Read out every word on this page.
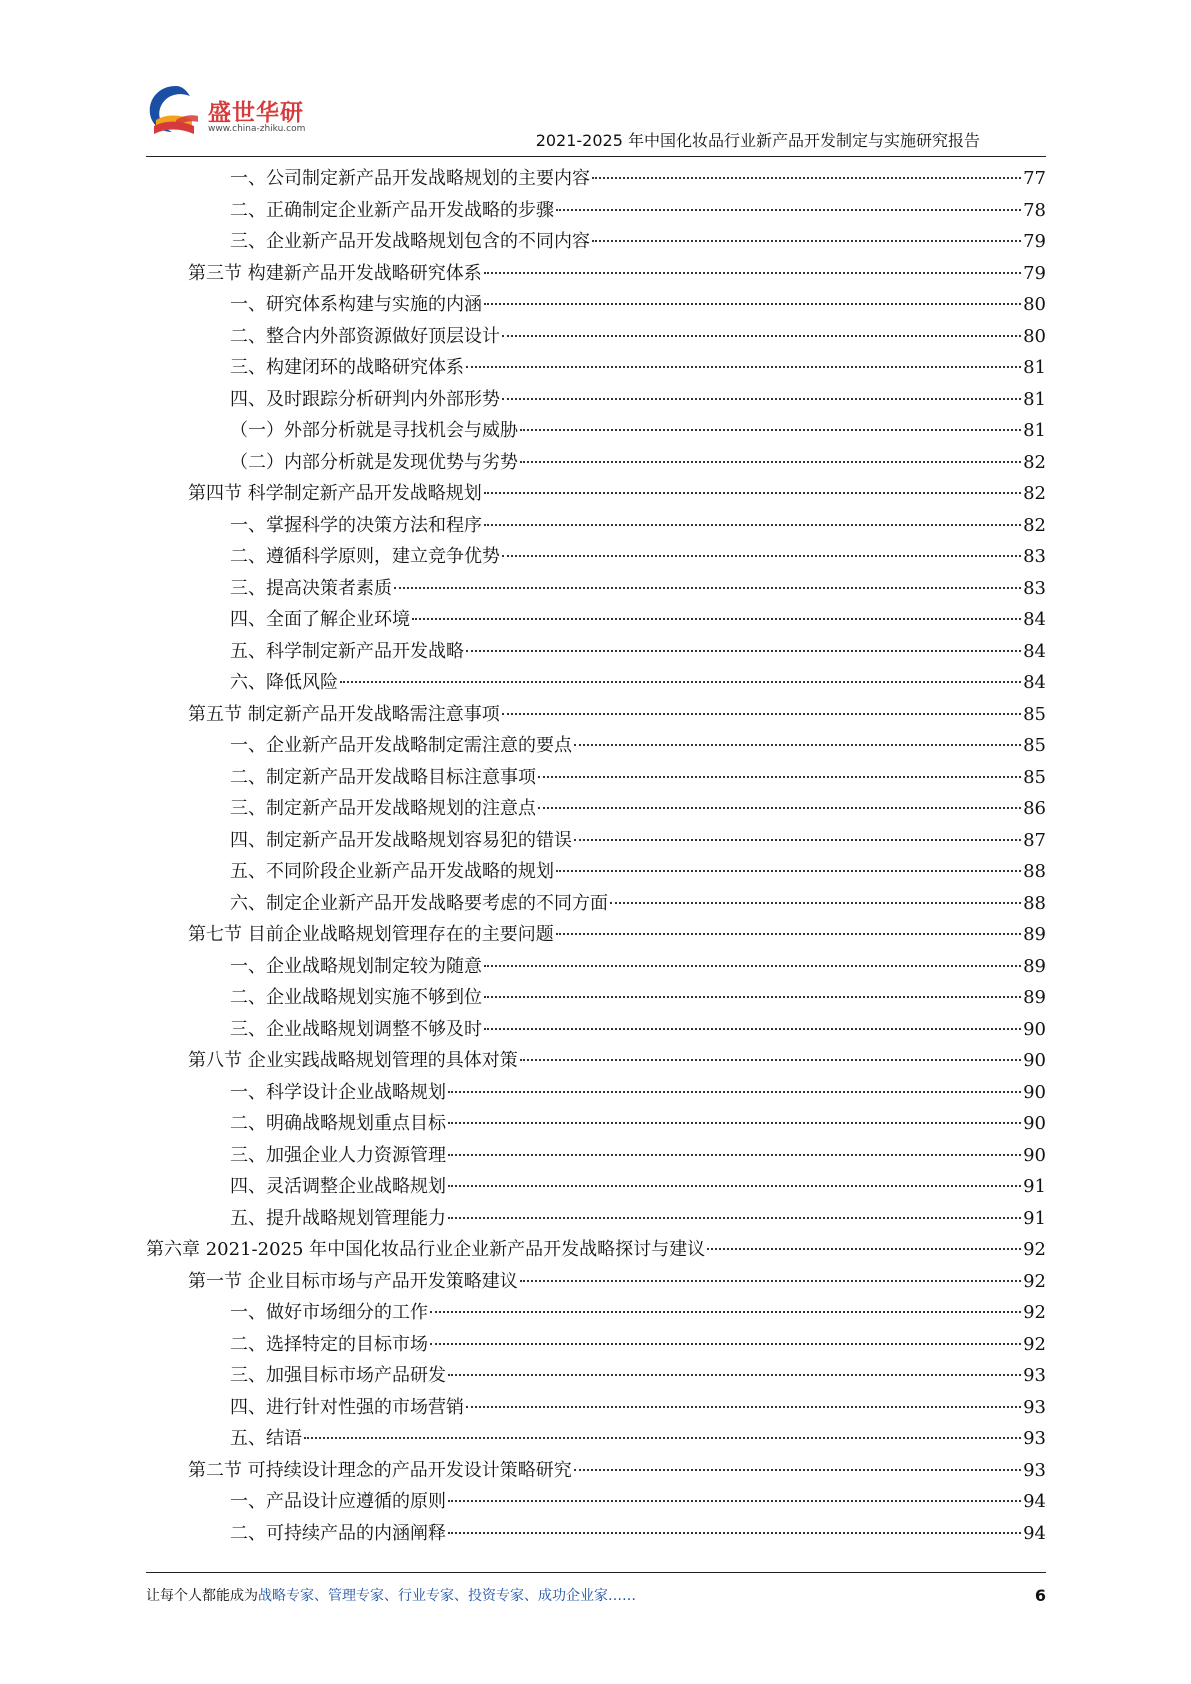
盛世华研
www.china-zhiku.com
2021-2025 年中国化妆品行业新产品开发制定与实施研究报告
一、公司制定新产品开发战略规划的主要内容	77
二、正确制定企业新产品开发战略的步骤	78
三、企业新产品开发战略规划包含的不同内容	79
第三节 构建新产品开发战略研究体系	79
一、研究体系构建与实施的内涵	80
二、整合内外部资源做好顶层设计	80
三、构建闭环的战略研究体系	81
四、及时跟踪分析研判内外部形势	81
（一）外部分析就是寻找机会与威胁	81
（二）内部分析就是发现优势与劣势	82
第四节 科学制定新产品开发战略规划	82
一、掌握科学的决策方法和程序	82
二、遵循科学原则，建立竞争优势	83
三、提高决策者素质	83
四、全面了解企业环境	84
五、科学制定新产品开发战略	84
六、降低风险	84
第五节 制定新产品开发战略需注意事项	85
一、企业新产品开发战略制定需注意的要点	85
二、制定新产品开发战略目标注意事项	85
三、制定新产品开发战略规划的注意点	86
四、制定新产品开发战略规划容易犯的错误	87
五、不同阶段企业新产品开发战略的规划	88
六、制定企业新产品开发战略要考虑的不同方面	88
第七节 目前企业战略规划管理存在的主要问题	89
一、企业战略规划制定较为随意	89
二、企业战略规划实施不够到位	89
三、企业战略规划调整不够及时	90
第八节 企业实践战略规划管理的具体对策	90
一、科学设计企业战略规划	90
二、明确战略规划重点目标	90
三、加强企业人力资源管理	90
四、灵活调整企业战略规划	91
五、提升战略规划管理能力	91
第六章 2021-2025 年中国化妆品行业企业新产品开发战略探讨与建议	92
第一节 企业目标市场与产品开发策略建议	92
一、做好市场细分的工作	92
二、选择特定的目标市场	92
三、加强目标市场产品研发	93
四、进行针对性强的市场营销	93
五、结语	93
第二节 可持续设计理念的产品开发设计策略研究	93
一、产品设计应遵循的原则	94
二、可持续产品的内涵阐释	94
让每个人都能成为战略专家、管理专家、行业专家、投资专家、成功企业家……	6
